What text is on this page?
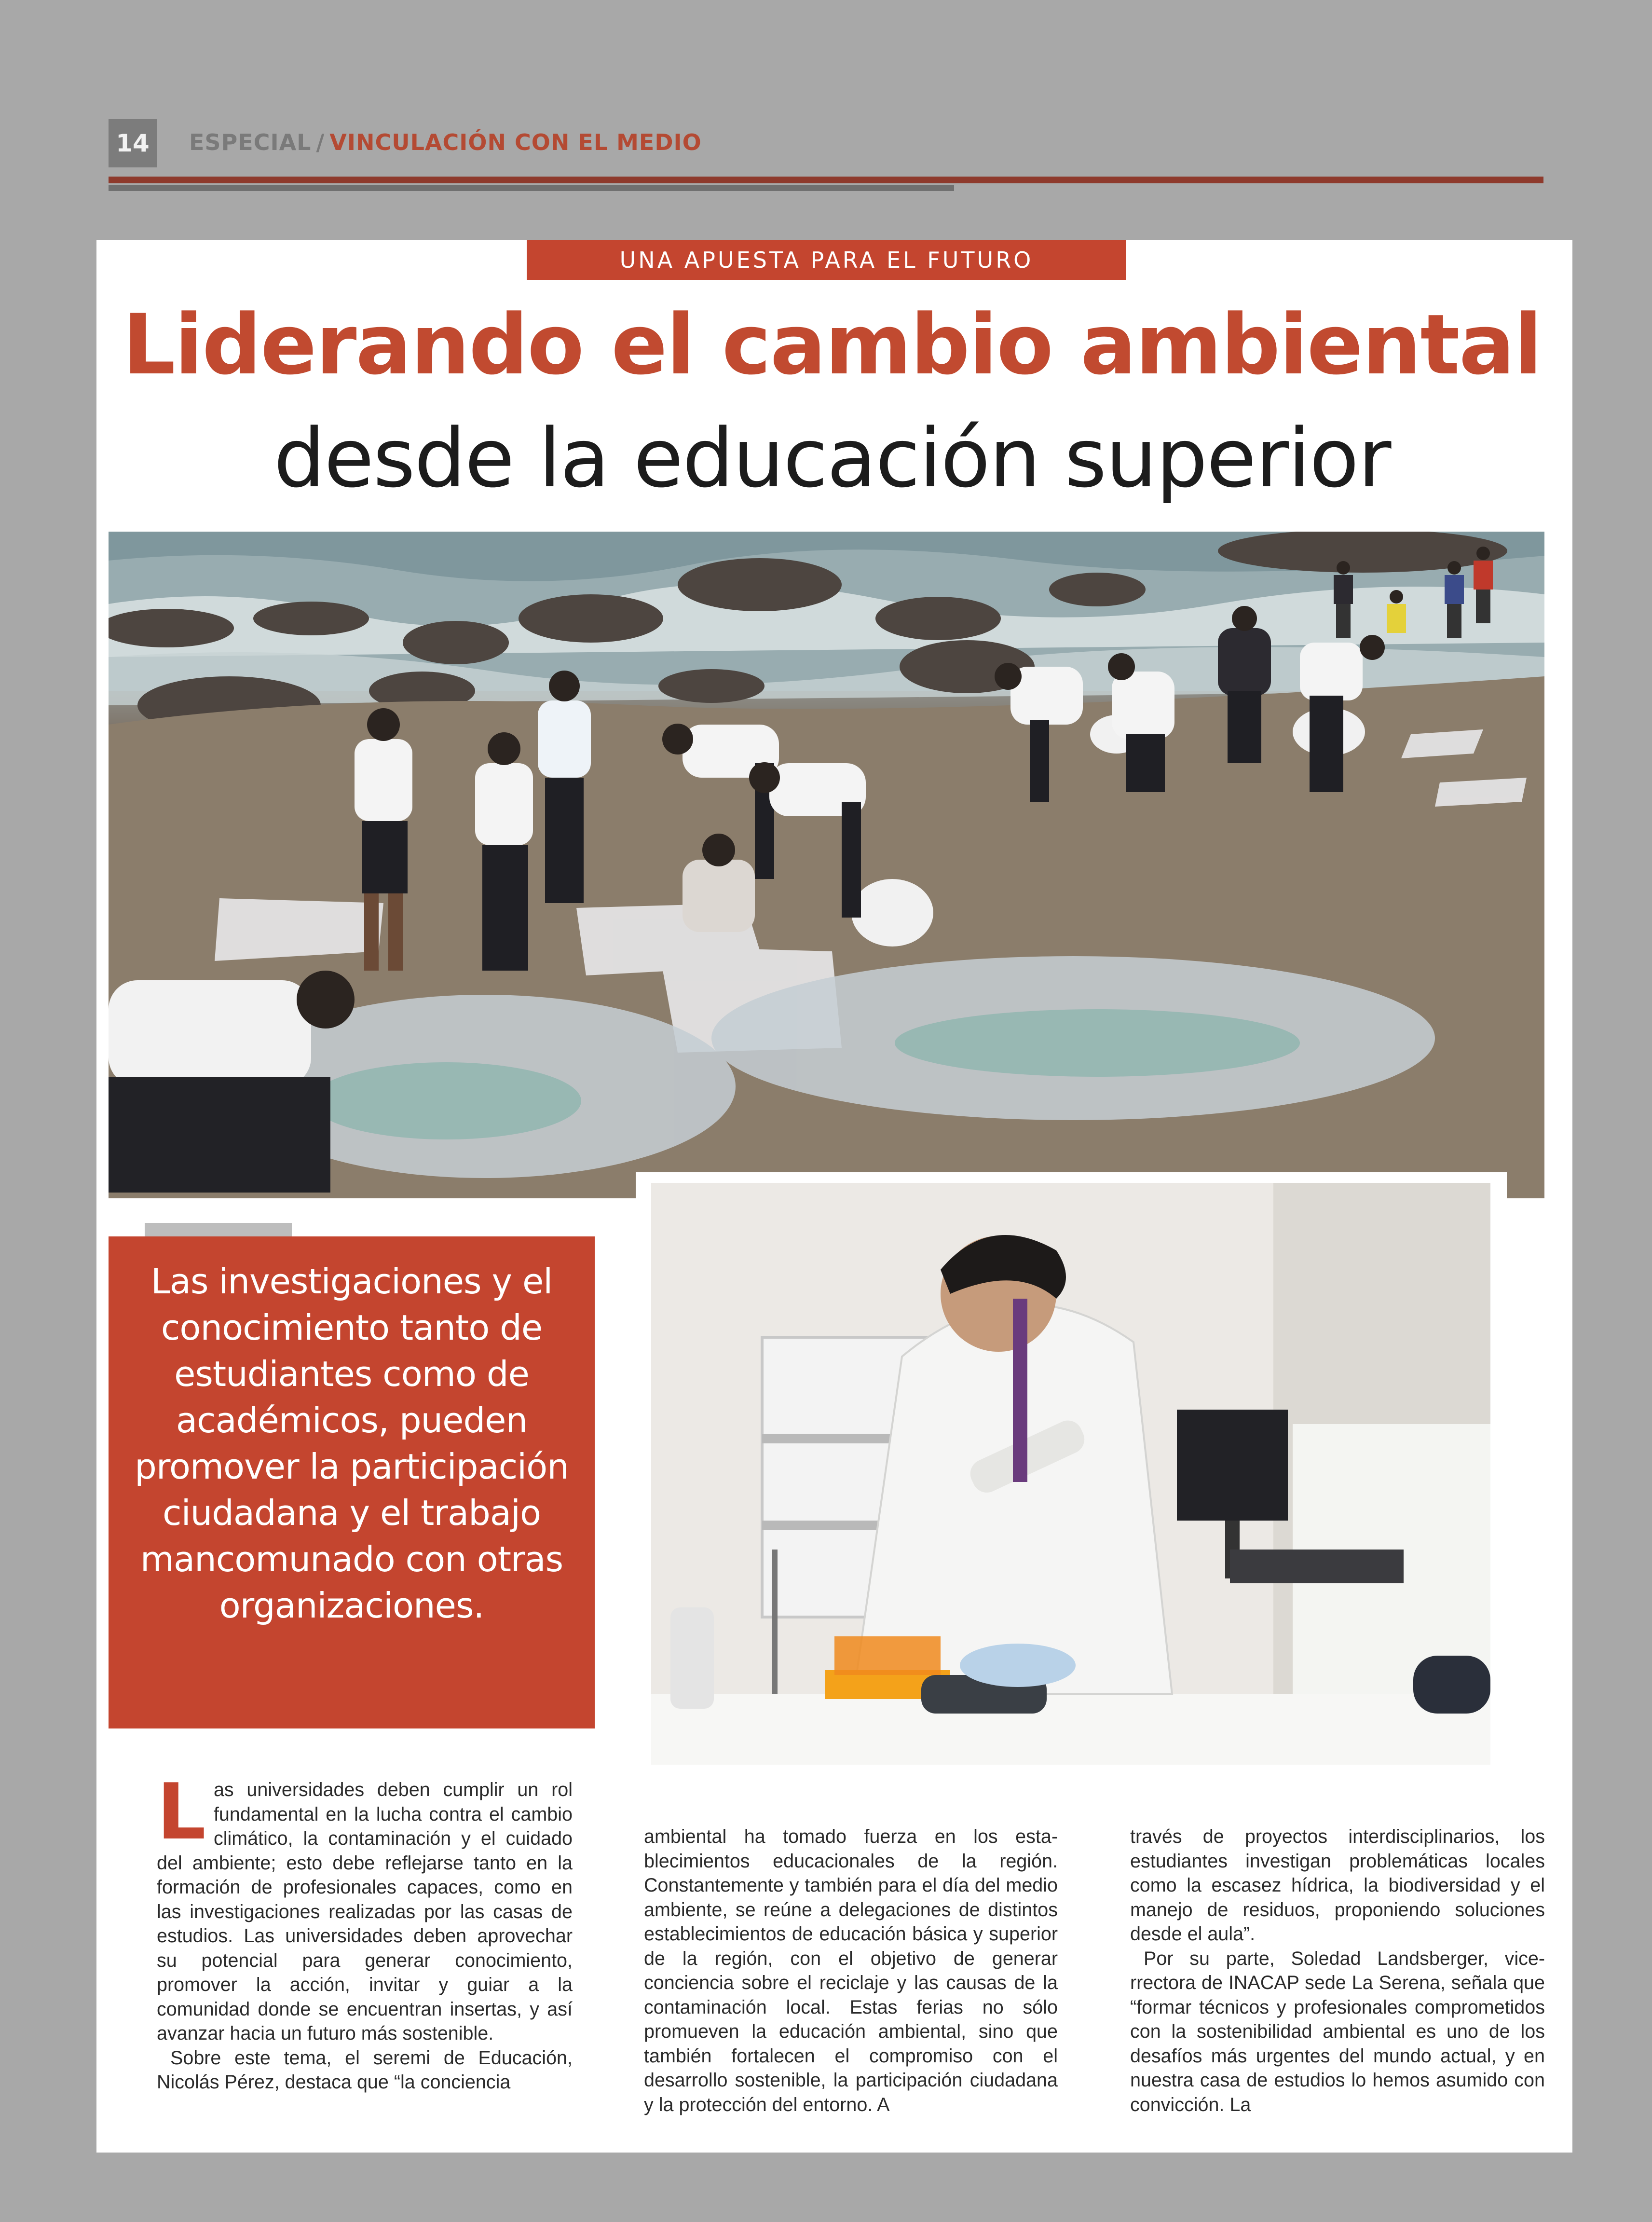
14	ESPECIAL / VINCULACIÓN CON EL MEDIO
UNA APUESTA PARA EL FUTURO
Liderando el cambio ambiental
desde la educación superior
Las investigaciones y el conocimiento tanto de estudiantes como de académicos, pueden promover la participación ciudadana y el trabajo mancomunado con otras organizaciones.
L as universidades deben cumplir un rol fundamental en la lucha contra el cambio climático, la contaminación y el cuidado del ambiente; esto debe reflejarse tanto en la formación de profesionales capaces, como en las investigaciones realizadas por las casas de estudios. Las universidades deben aprovechar su potencial para generar conocimiento, promover la acción, invitar y guiar a la comunidad donde se encuentran insertas, y así avanzar hacia un futuro más sostenible.

Sobre este tema, el seremi de Educación, Nicolás Pérez, destaca que “la conciencia

ambiental ha tomado fuerza en los establecimientos educacionales de la región. Constantemente y también para el día del medio ambiente, se reúne a delegaciones de distintos establecimientos de educación básica y superior de la región, con el objetivo de generar conciencia sobre el reciclaje y las causas de la contaminación local. Estas ferias no sólo promueven la educación ambiental, sino que también fortalecen el compromiso con el desarrollo sostenible, la participación ciudadana y la protección del entorno. A

través de proyectos interdisciplinarios, los estudiantes investigan problemáticas locales como la escasez hídrica, la biodiversidad y el manejo de residuos, proponiendo soluciones desde el aula”.

Por su parte, Soledad Landsberger, vicerrectora de INACAP sede La Serena, señala que “formar técnicos y profesionales comprometidos con la sostenibilidad ambiental es uno de los desafíos más urgentes del mundo actual, y en nuestra casa de estudios lo hemos asumido con convicción. La
